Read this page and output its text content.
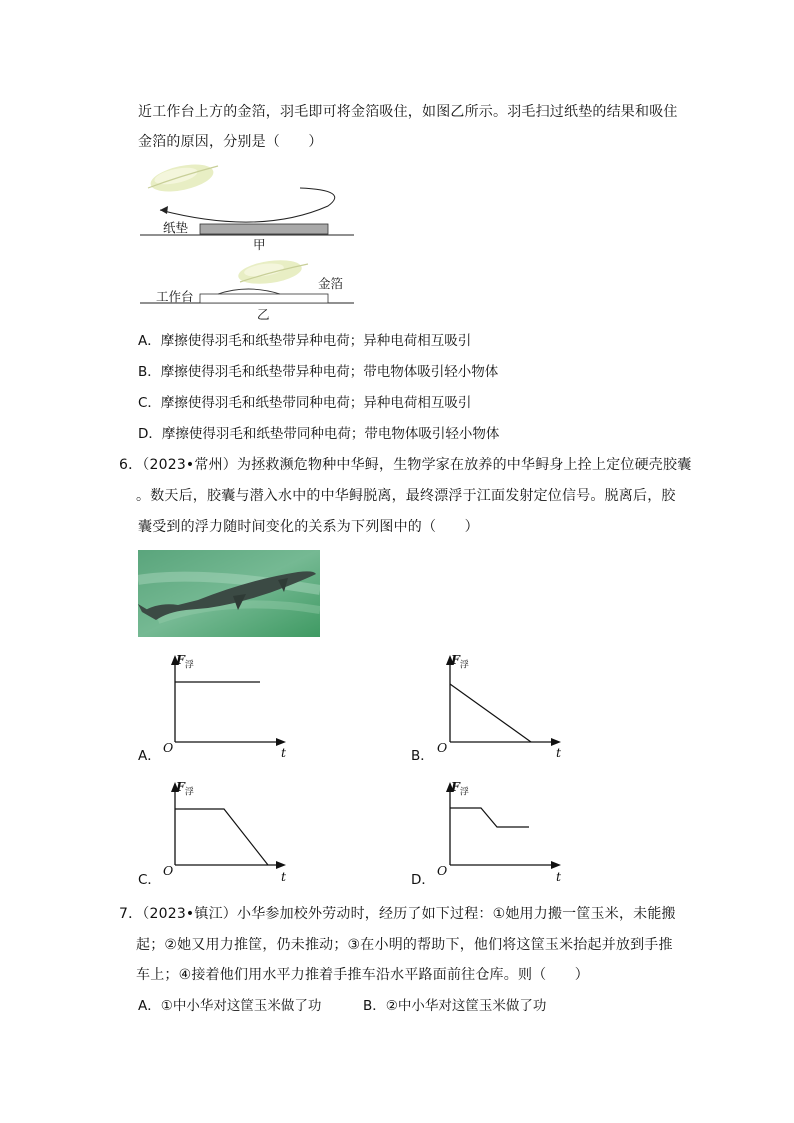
近工作台上方的金箔，羽毛即可将金箔吸住，如图乙所示。羽毛扫过纸垫的结果和吸住
金箔的原因，分别是（　　）
纸垫
甲
工作台
金箔
乙
A．摩擦使得羽毛和纸垫带异种电荷；异种电荷相互吸引
B．摩擦使得羽毛和纸垫带异种电荷；带电物体吸引轻小物体
C．摩擦使得羽毛和纸垫带同种电荷；异种电荷相互吸引
D．摩擦使得羽毛和纸垫带同种电荷；带电物体吸引轻小物体
6．（2023•常州）为拯救濒危物种中华鲟，生物学家在放养的中华鲟身上拴上定位硬壳胶囊
。数天后，胶囊与潜入水中的中华鲟脱离，最终漂浮于江面发射定位信号。脱离后，胶
囊受到的浮力随时间变化的关系为下列图中的（　　）
$F_浮$
O	t
A．
$F_浮$
O	t
B．
$F_浮$
O	t
C．
$F_浮$
O	t
D．
7．（2023•镇江）小华参加校外劳动时，经历了如下过程：①她用力搬一筐玉米，未能搬
起；②她又用力推筐，仍未推动；③在小明的帮助下，他们将这筐玉米抬起并放到手推
车上；④接着他们用水平力推着手推车沿水平路面前往仓库。则（　　）
A．①中小华对这筐玉米做了功	B．②中小华对这筐玉米做了功
